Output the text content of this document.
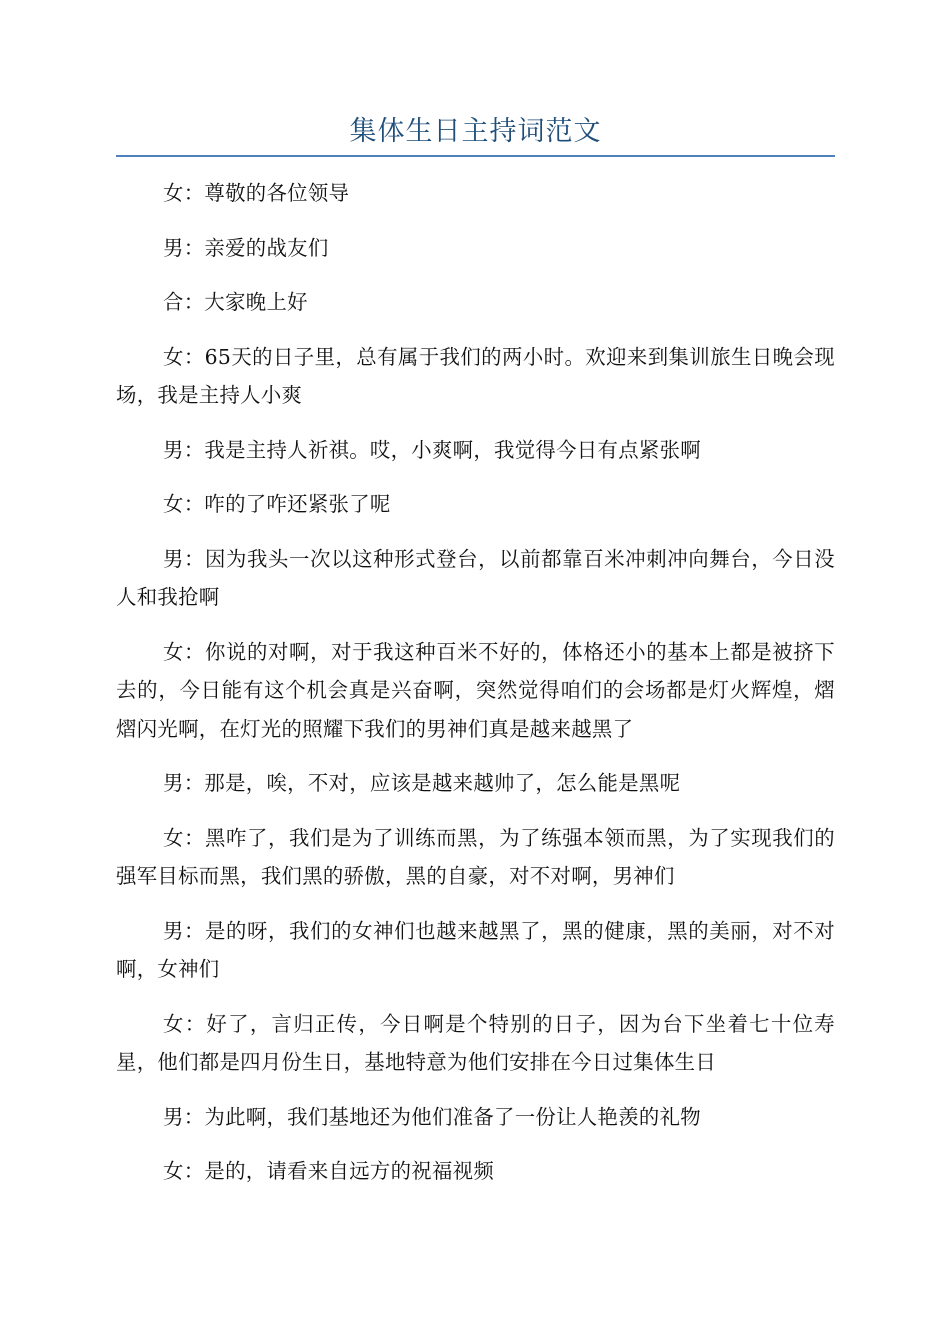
集体生日主持词范文

女：尊敬的各位领导

男：亲爱的战友们

合：大家晚上好

女：65天的日子里，总有属于我们的两小时。欢迎来到集训旅生日晚会现场，我是主持人小爽

男：我是主持人祈祺。哎，小爽啊，我觉得今日有点紧张啊

女：咋的了咋还紧张了呢

男：因为我头一次以这种形式登台，以前都靠百米冲刺冲向舞台，今日没人和我抢啊

女：你说的对啊，对于我这种百米不好的，体格还小的基本上都是被挤下去的，今日能有这个机会真是兴奋啊，突然觉得咱们的会场都是灯火辉煌，熠熠闪光啊，在灯光的照耀下我们的男神们真是越来越黑了

男：那是，唉，不对，应该是越来越帅了，怎么能是黑呢

女：黑咋了，我们是为了训练而黑，为了练强本领而黑，为了实现我们的强军目标而黑，我们黑的骄傲，黑的自豪，对不对啊，男神们

男：是的呀，我们的女神们也越来越黑了，黑的健康，黑的美丽，对不对啊，女神们

女：好了，言归正传，今日啊是个特别的日子，因为台下坐着七十位寿星，他们都是四月份生日，基地特意为他们安排在今日过集体生日

男：为此啊，我们基地还为他们准备了一份让人艳羡的礼物

女：是的，请看来自远方的祝福视频
